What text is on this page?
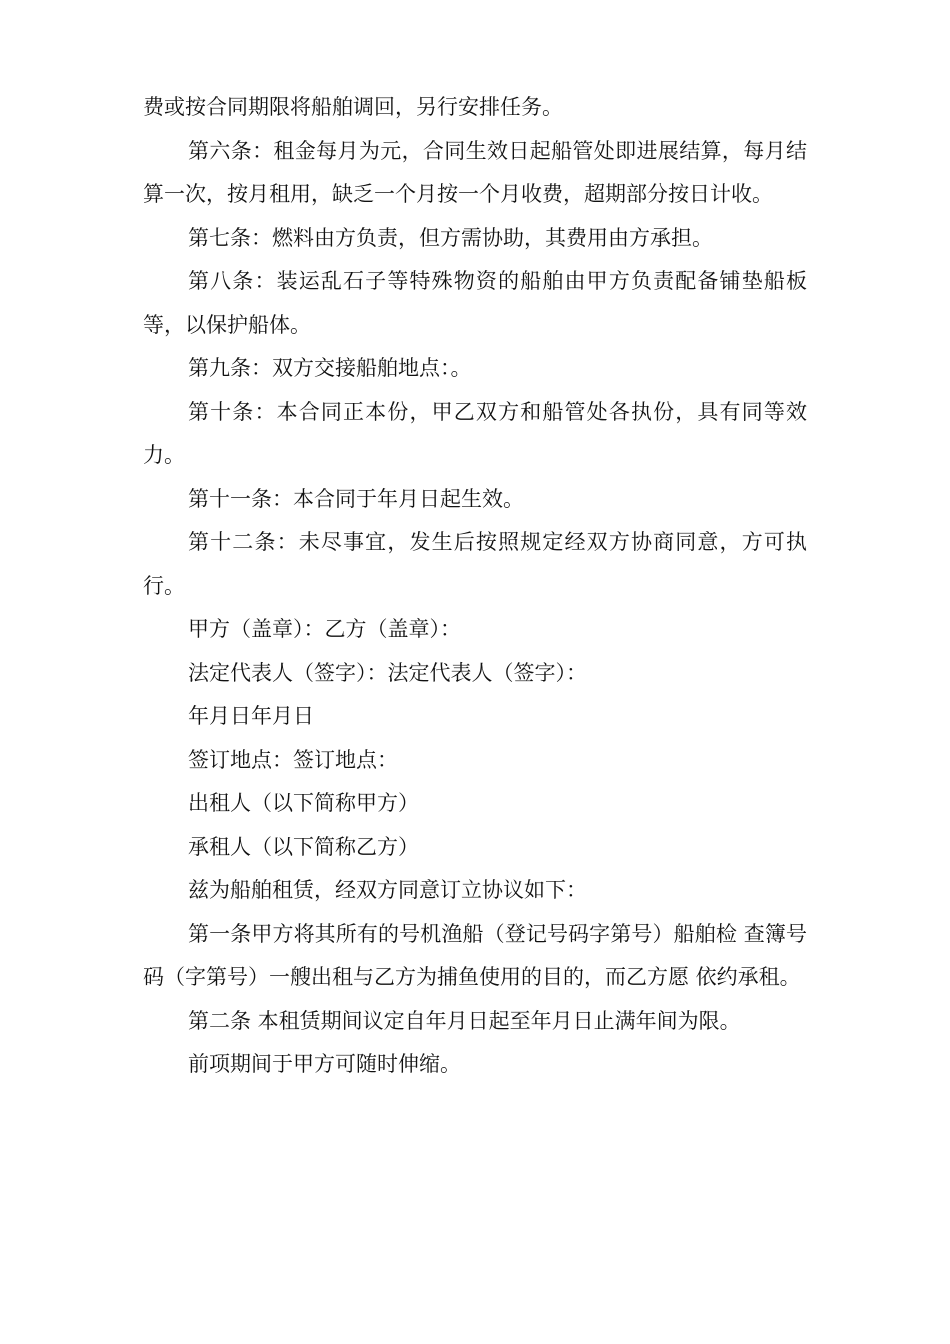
费或按合同期限将船舶调回，另行安排任务。

第六条：租金每月为元，合同生效日起船管处即进展结算，每月结算一次，按月租用，缺乏一个月按一个月收费，超期部分按日计收。

第七条：燃料由方负责，但方需协助，其费用由方承担。

第八条：装运乱石子等特殊物资的船舶由甲方负责配备铺垫船板等，以保护船体。

第九条：双方交接船舶地点：。

第十条：本合同正本份，甲乙双方和船管处各执份，具有同等效力。

第十一条：本合同于年月日起生效。

第十二条：未尽事宜，发生后按照规定经双方协商同意，方可执行。

甲方（盖章）：乙方（盖章）：

法定代表人（签字）：法定代表人（签字）：

年月日年月日

签订地点：签订地点：

出租人（以下简称甲方）

承租人（以下简称乙方）

兹为船舶租赁，经双方同意订立协议如下：

第一条甲方将其所有的号机渔船（登记号码字第号）船舶检 查簿号码（字第号）一艘出租与乙方为捕鱼使用的目的，而乙方愿 依约承租。

第二条 本租赁期间议定自年月日起至年月日止满年间为限。

前项期间于甲方可随时伸缩。
